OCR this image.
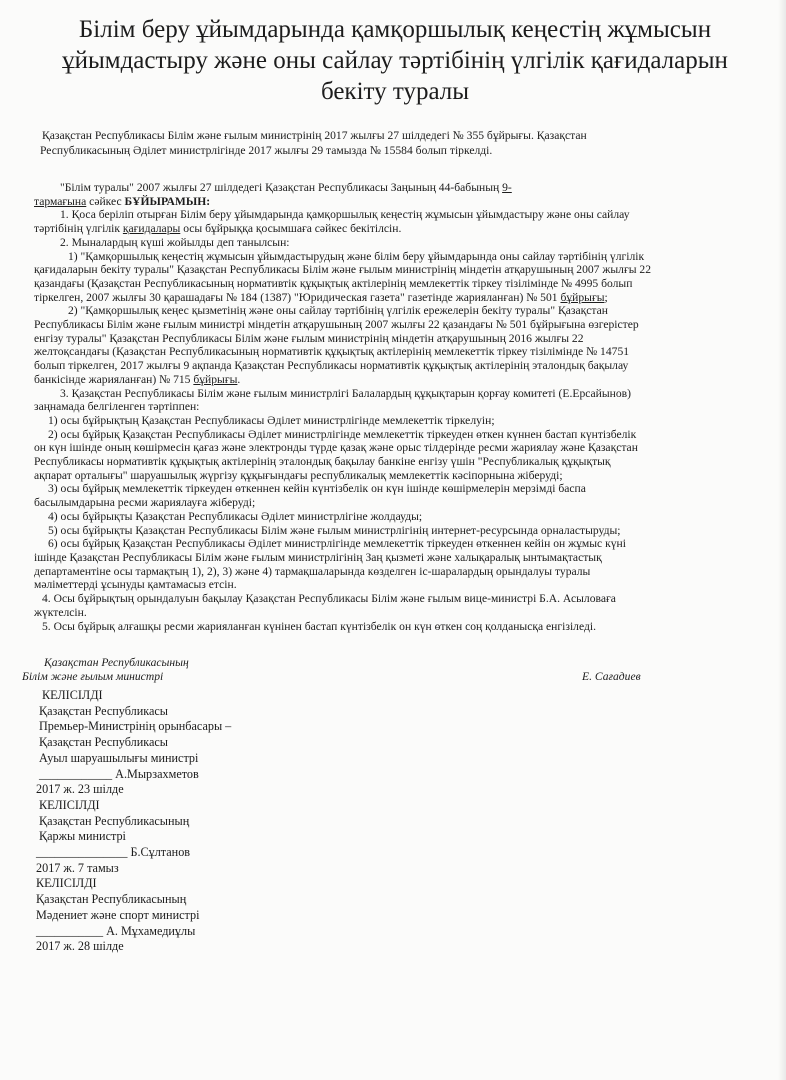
Білім беру ұйымдарында қамқоршылық кеңестің жұмысын
ұйымдастыру және оны сайлау тәртібінің үлгілік қағидаларын
бекіту туралы
Қазақстан Республикасы Білім және ғылым министрінің 2017 жылғы 27 шілдедегі № 355 бұйрығы. Қазақстан
Республикасының Әділет министрлігінде 2017 жылғы 29 тамызда № 15584 болып тіркелді.
"Білім туралы" 2007 жылғы 27 шілдедегі Қазақстан Республикасы Заңының 44-бабының 9-
тармағына сәйкес БҰЙЫРАМЫН:
1. Қоса беріліп отырған Білім беру ұйымдарында қамқоршылық кеңестің жұмысын ұйымдастыру және оны сайлау
тәртібінің үлгілік қағидалары осы бұйрыққа қосымшаға сәйкес бекітілсін.
2. Мыналардың күші жойылды деп танылсын:
1) "Қамқоршылық кеңестің жұмысын ұйымдастырудың және білім беру ұйымдарында оны сайлау тәртібінің үлгілік
қағидаларын бекіту туралы" Қазақстан Республикасы Білім және ғылым министрінің міндетін атқарушының 2007 жылғы 22
қазандағы (Қазақстан Республикасының нормативтік құқықтық актілерінің мемлекеттік тіркеу тізілімінде № 4995 болып
тіркелген, 2007 жылғы 30 қарашадағы № 184 (1387) "Юридическая газета" газетінде жарияланған) № 501 бұйрығы;
2) "Қамқоршылық кеңес қызметінің және оны сайлау тәртібінің үлгілік ережелерін бекіту туралы" Қазақстан
Республикасы Білім және ғылым министрі міндетін атқарушының 2007 жылғы 22 қазандағы № 501 бұйрығына өзгерістер
енгізу туралы" Қазақстан Республикасы Білім және ғылым министрінің міндетін атқарушының 2016 жылғы 22
желтоқсандағы (Қазақстан Республикасының нормативтік құқықтық актілерінің мемлекеттік тіркеу тізілімінде № 14751
болып тіркелген, 2017 жылғы 9 ақпанда Қазақстан Республикасы нормативтік құқықтық актілерінің эталондық бақылау
банкісінде жарияланған) № 715 бұйрығы.
3. Қазақстан Республикасы Білім және ғылым министрлігі Балалардың құқықтарын қорғау комитеті (Е.Ерсайынов)
заңнамада белгіленген тәртіппен:
1) осы бұйрықтың Қазақстан Республикасы Әділет министрлігінде мемлекеттік тіркелуін;
2) осы бұйрық Қазақстан Республикасы Әділет министрлігінде мемлекеттік тіркеуден өткен күннен бастап күнтізбелік
он күн ішінде оның көшірмесін қағаз және электронды түрде қазақ және орыс тілдерінде ресми жариялау және Қазақстан
Республикасы нормативтік құқықтық актілерінің эталондық бақылау банкіне енгізу үшін "Республикалық құқықтық
ақпарат орталығы" шаруашылық жүргізу құқығындағы республикалық мемлекеттік кәсіпорнына жіберуді;
3) осы бұйрық мемлекеттік тіркеуден өткеннен кейін күнтізбелік он күн ішінде көшірмелерін мерзімді баспа
басылымдарына ресми жариялауға жіберуді;
4) осы бұйрықты Қазақстан Республикасы Әділет министрлігіне жолдауды;
5) осы бұйрықты Қазақстан Республикасы Білім және ғылым министрлігінің интернет-ресурсында орналастыруды;
6) осы бұйрық Қазақстан Республикасы Әділет министрлігінде мемлекеттік тіркеуден өткеннен кейін он жұмыс күні
ішінде Қазақстан Республикасы Білім және ғылым министрлігінің Заң қызметі және халықаралық ынтымақтастық
департаментіне осы тармақтың 1), 2), 3) және 4) тармақшаларында көзделген іс-шаралардың орындалуы туралы
мәліметтерді ұсынуды қамтамасыз етсін.
4. Осы бұйрықтың орындалуын бақылау Қазақстан Республикасы Білім және ғылым вице-министрі Б.А. Асыловаға
жүктелсін.
5. Осы бұйрық алғашқы ресми жарияланған күнінен бастап күнтізбелік он күн өткен соң қолданысқа енгізіледі.
Қазақстан Республикасының
Білім және ғылым министрі	Е. Сағадиев
КЕЛІСІЛДІ
Қазақстан Республикасы
Премьер-Министрінің орынбасары –
Қазақстан Республикасы
Ауыл шаруашылығы министрі
____________ А.Мырзахметов
2017 ж. 23 шілде
КЕЛІСІЛДІ
Қазақстан Республикасының
Қаржы министрі
_______________ Б.Сұлтанов
2017 ж. 7 тамыз
КЕЛІСІЛДІ
Қазақстан Республикасының
Мәдениет және спорт министрі
___________ А. Мұхамедиұлы
2017 ж. 28 шілде
